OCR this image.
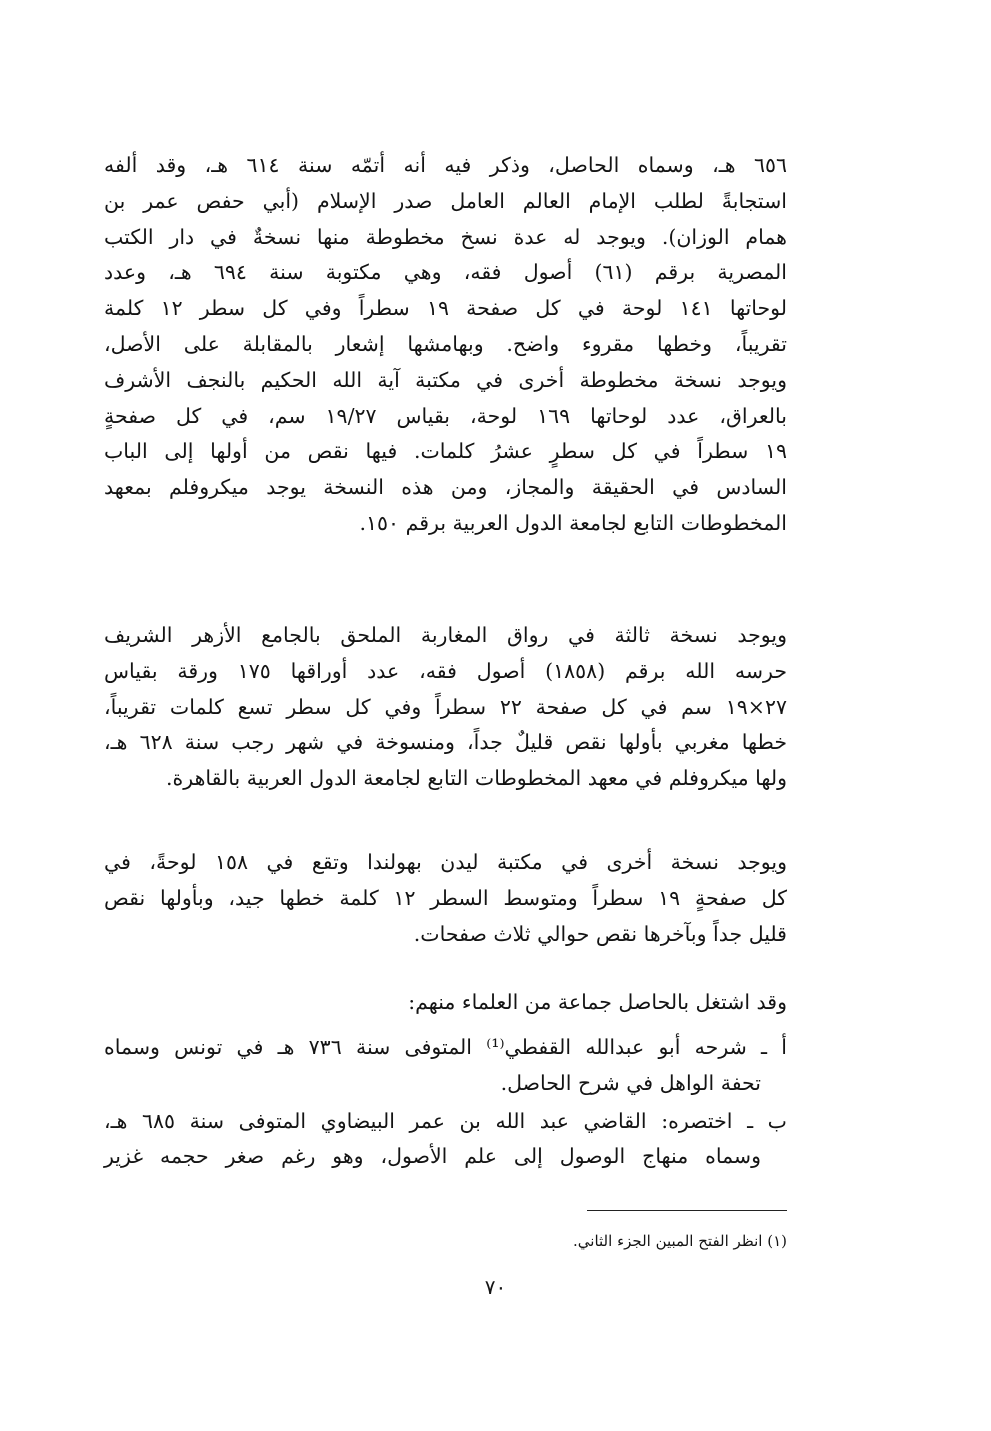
٦٥٦ هـ، وسماه الحاصل، وذكر فيه أنه أتمّه سنة ٦١٤ هـ، وقد ألفه
استجابةً لطلب الإمام العالم العامل صدر الإسلام (أبي حفص عمر بن
همام الوزان). ويوجد له عدة نسخ مخطوطة منها نسخةٌ في دار الكتب
المصرية برقم (٦١) أصول فقه، وهي مكتوبة سنة ٦٩٤ هـ، وعدد
لوحاتها ١٤١ لوحة في كل صفحة ١٩ سطراً وفي كل سطر ١٢ كلمة
تقريباً، وخطها مقروء واضح. وبهامشها إشعار بالمقابلة على الأصل،
ويوجد نسخة مخطوطة أخرى في مكتبة آية الله الحكيم بالنجف الأشرف
بالعراق، عدد لوحاتها ١٦٩ لوحة، بقياس ١٩/٢٧ سم، في كل صفحةٍ
١٩ سطراً في كل سطرٍ عشرُ كلمات. فيها نقص من أولها إلى الباب
السادس في الحقيقة والمجاز، ومن هذه النسخة يوجد ميكروفلم بمعهد
المخطوطات التابع لجامعة الدول العربية برقم ١٥٠.

ويوجد نسخة ثالثة في رواق المغاربة الملحق بالجامع الأزهر الشريف
حرسه الله برقم (١٨٥٨) أصول فقه، عدد أوراقها ١٧٥ ورقة بقياس
٢٧×١٩ سم في كل صفحة ٢٢ سطراً وفي كل سطر تسع كلمات تقريباً،
خطها مغربي بأولها نقص قليلٌ جداً، ومنسوخة في شهر رجب سنة ٦٢٨ هـ،
ولها ميكروفلم في معهد المخطوطات التابع لجامعة الدول العربية بالقاهرة.

ويوجد نسخة أخرى في مكتبة ليدن بهولندا وتقع في ١٥٨ لوحةً، في
كل صفحةٍ ١٩ سطراً ومتوسط السطر ١٢ كلمة خطها جيد، وبأولها نقص
قليل جداً وبآخرها نقص حوالي ثلاث صفحات.

وقد اشتغل بالحاصل جماعة من العلماء منهم:

أ ـ شرحه أبو عبدالله القفطي⁽¹⁾ المتوفى سنة ٧٣٦ هـ في تونس وسماه
تحفة الواهل في شرح الحاصل.
ب ـ اختصره: القاضي عبد الله بن عمر البيضاوي المتوفى سنة ٦٨٥ هـ،
وسماه منهاج الوصول إلى علم الأصول، وهو رغم صغر حجمه غزير
(١) انظر الفتح المبين الجزء الثاني.
٧٠
